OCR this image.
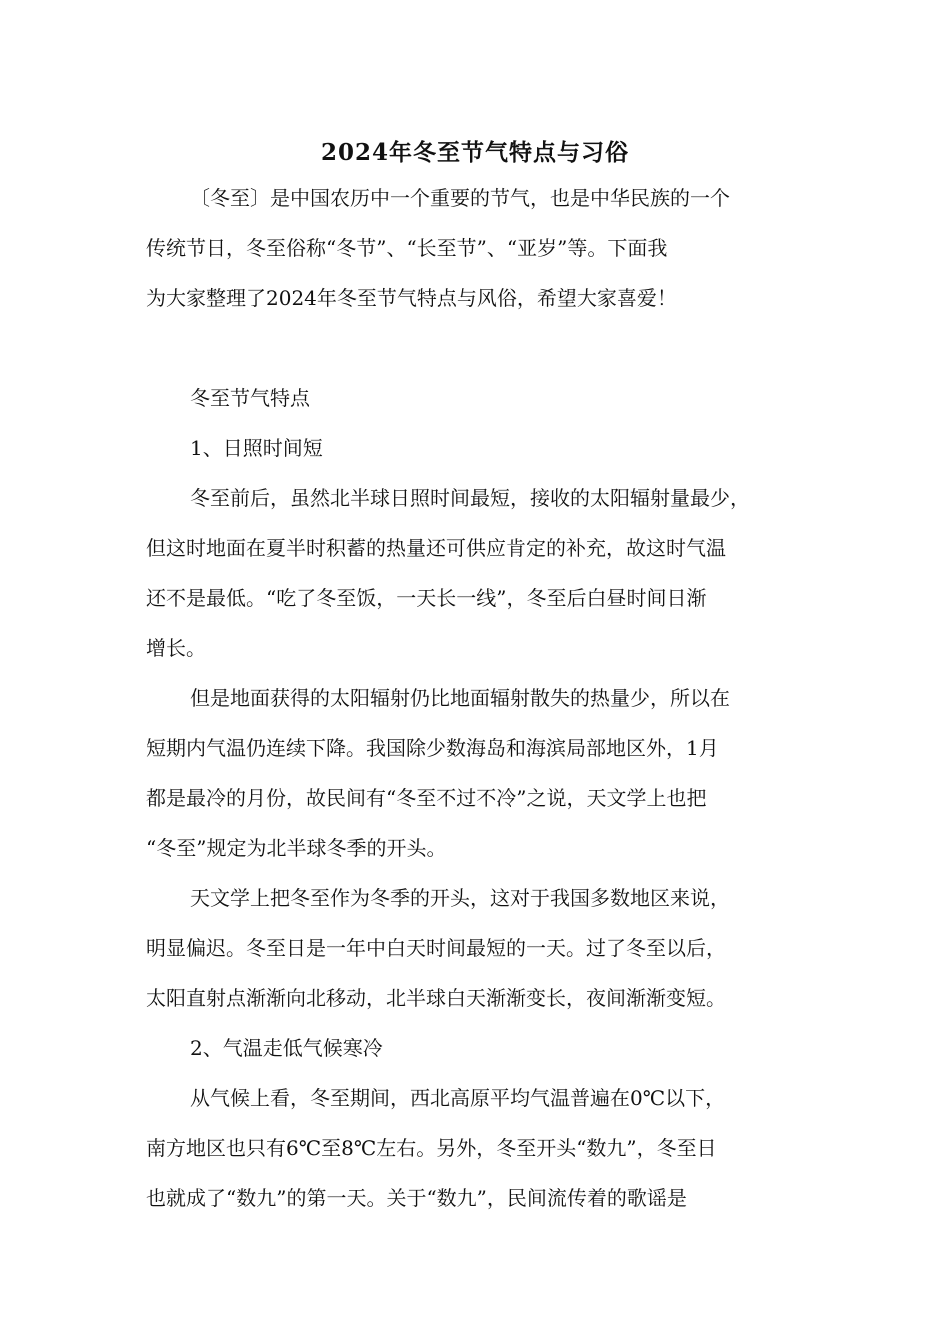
2024年冬至节气特点与习俗

〔冬至〕是中国农历中一个重要的节气，也是中华民族的一个

传统节日，冬至俗称“冬节”、“长至节”、“亚岁”等。下面我

为大家整理了2024年冬至节气特点与风俗，希望大家喜爱！

冬至节气特点

1、日照时间短

冬至前后，虽然北半球日照时间最短，接收的太阳辐射量最少，

但这时地面在夏半时积蓄的热量还可供应肯定的补充，故这时气温

还不是最低。“吃了冬至饭，一天长一线”，冬至后白昼时间日渐

增长。

但是地面获得的太阳辐射仍比地面辐射散失的热量少，所以在

短期内气温仍连续下降。我国除少数海岛和海滨局部地区外，1月

都是最冷的月份，故民间有“冬至不过不冷”之说，天文学上也把

“冬至”规定为北半球冬季的开头。

天文学上把冬至作为冬季的开头，这对于我国多数地区来说，

明显偏迟。冬至日是一年中白天时间最短的一天。过了冬至以后，

太阳直射点渐渐向北移动，北半球白天渐渐变长，夜间渐渐变短。

2、气温走低气候寒冷

从气候上看，冬至期间，西北高原平均气温普遍在0℃以下，

南方地区也只有6℃至8℃左右。另外，冬至开头“数九”，冬至日

也就成了“数九”的第一天。关于“数九”，民间流传着的歌谣是
